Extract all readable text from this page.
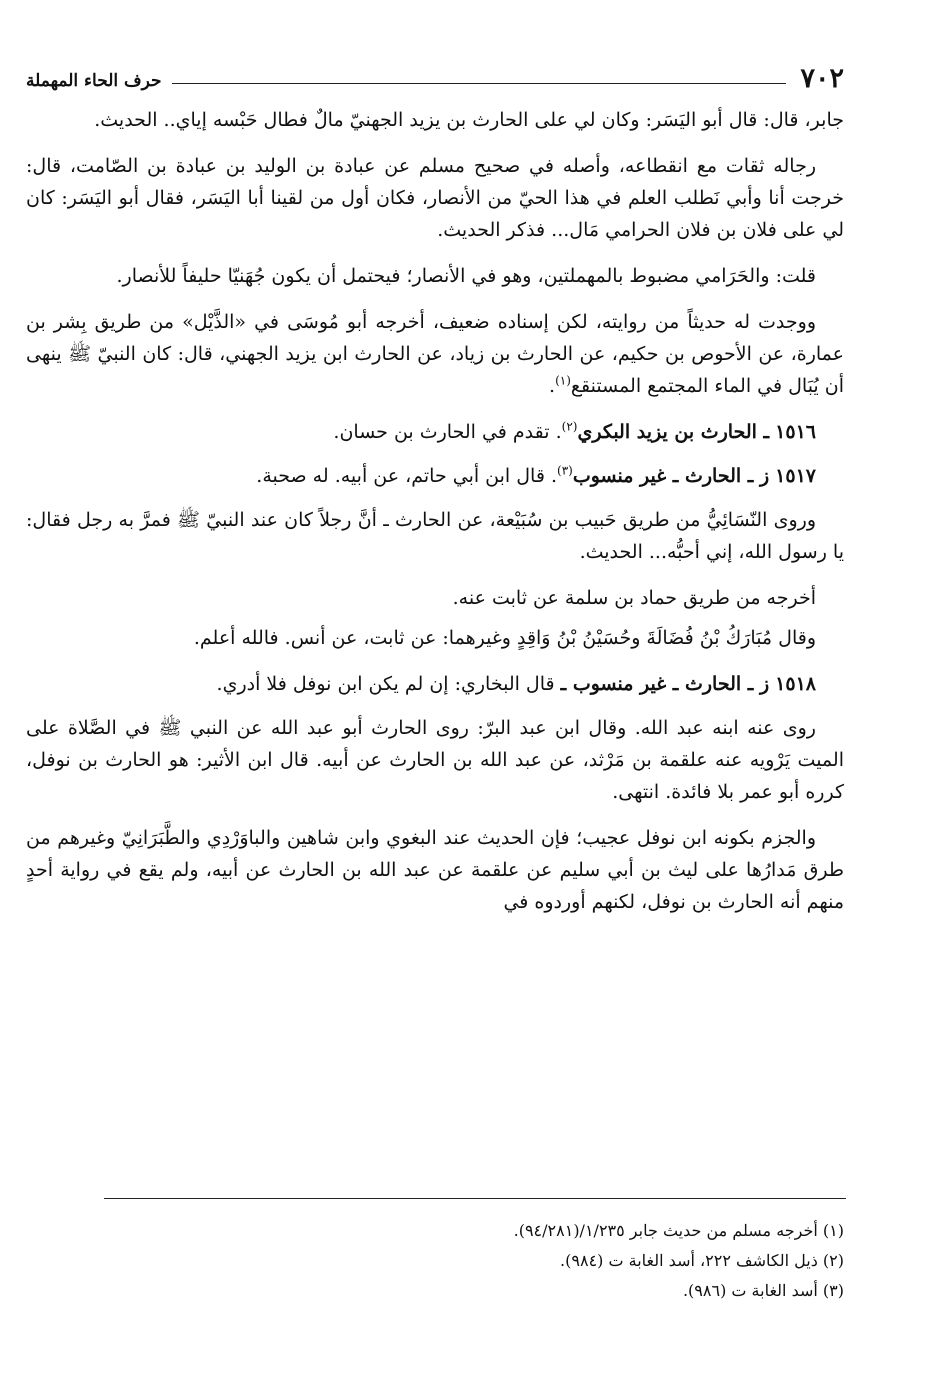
٧٠٢
حرف الحاء المهملة

جابر، قال: قال أبو اليَسَر: وكان لي على الحارث بن يزيد الجهنيّ مالٌ فطال حَبْسه إياي.. الحديث.

رجاله ثقات مع انقطاعه، وأصله في صحيح مسلم عن عبادة بن الوليد بن عبادة بن الصّامت، قال: خرجت أنا وأبي نَطلب العلم في هذا الحيّ من الأنصار، فكان أول من لقينا أبا اليَسَر، فقال أبو اليَسَر: كان لي على فلان بن فلان الحرامي مَال... فذكر الحديث.

قلت: والحَرَامي مضبوط بالمهملتين، وهو في الأنصار؛ فيحتمل أن يكون جُهَنيّا حليفاً للأنصار.

ووجدت له حديثاً من روايته، لكن إسناده ضعيف، أخرجه أبو مُوسَى في «الذَّيْل» من طريق بِشر بن عمارة، عن الأحوص بن حكيم، عن الحارث بن زياد، عن الحارث ابن يزيد الجهني، قال: كان النبيّ ﷺ ينهى أن يُبَال في الماء المجتمع المستنقع$^{(١)}$.

١٥١٦ ـ الحارث بن يزيد البكري$^{(٢)}$. تقدم في الحارث بن حسان.

١٥١٧ ز ـ الحارث ـ غير منسوب$^{(٣)}$. قال ابن أبي حاتم، عن أبيه. له صحبة.

وروى النّسَائِيُّ من طريق حَبيب بن سُبَيْعة، عن الحارث ـ أنَّ رجلاً كان عند النبيّ ﷺ فمرَّ به رجل فقال: يا رسول الله، إني أحبُّه... الحديث.

أخرجه من طريق حماد بن سلمة عن ثابت عنه.

وقال مُبَارَكُ بْنُ فُضَالَةَ وحُسَيْنُ بْنُ وَاقِدٍ وغيرهما: عن ثابت، عن أنس. فالله أعلم.

١٥١٨ ز ـ الحارث ـ غير منسوب ـ قال البخاري: إن لم يكن ابن نوفل فلا أدري.

روى عنه ابنه عبد الله. وقال ابن عبد البرّ: روى الحارث أبو عبد الله عن النبي ﷺ في الصَّلاة على الميت يَرْويه عنه علقمة بن مَرْثد، عن عبد الله بن الحارث عن أبيه. قال ابن الأثير: هو الحارث بن نوفل، كرره أبو عمر بلا فائدة. انتهى.

والجزم بكونه ابن نوفل عجيب؛ فإن الحديث عند البغوي وابن شاهين والباوَرْدِي والطَّبَرَانِيّ وغيرهم من طرق مَدارُها على ليث بن أبي سليم عن علقمة عن عبد الله بن الحارث عن أبيه، ولم يقع في رواية أحدٍ منهم أنه الحارث بن نوفل، لكنهم أوردوه في

(١) أخرجه مسلم من حديث جابر ١/٢٣٥/(٩٤/٢٨١).

(٢) ذيل الكاشف ٢٢٢، أسد الغابة ت (٩٨٤).

(٣) أسد الغابة ت (٩٨٦).
